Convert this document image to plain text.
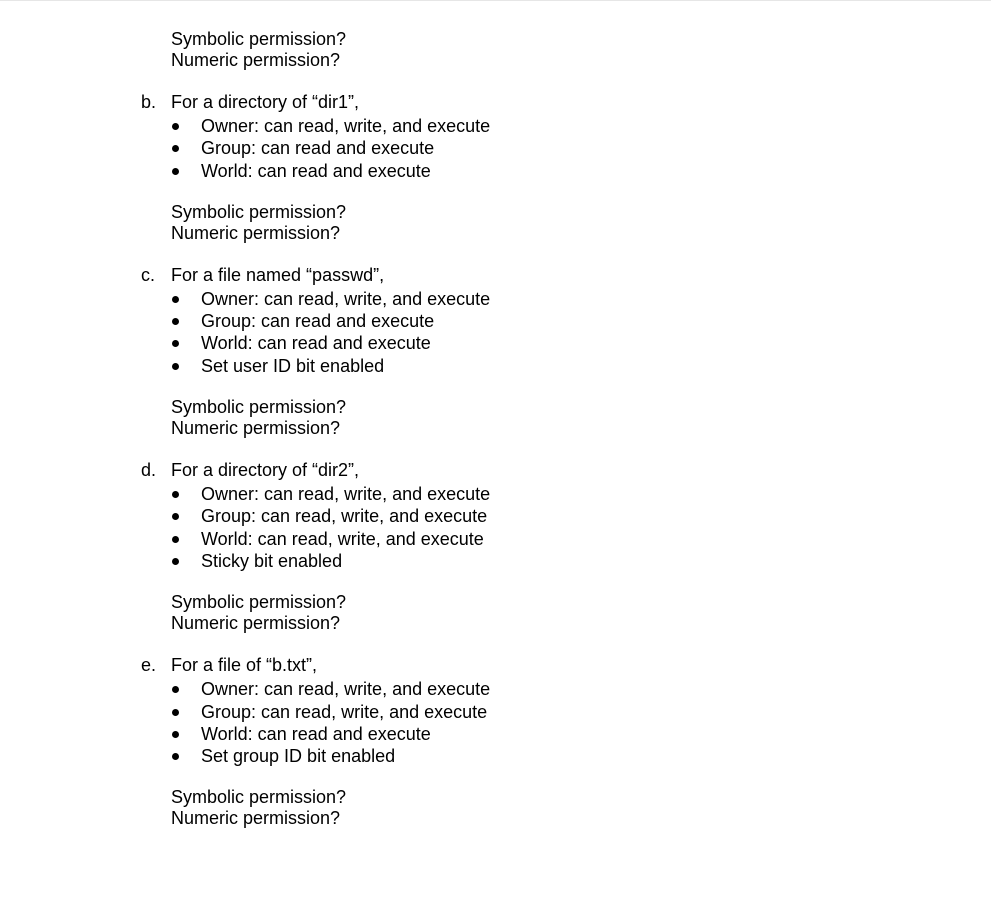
Symbolic permission?
Numeric permission?
b. For a directory of “dir1”,
Owner: can read, write, and execute
Group: can read and execute
World: can read and execute
Symbolic permission?
Numeric permission?
c. For a file named “passwd”,
Owner: can read, write, and execute
Group: can read and execute
World: can read and execute
Set user ID bit enabled
Symbolic permission?
Numeric permission?
d. For a directory of “dir2”,
Owner: can read, write, and execute
Group: can read, write, and execute
World: can read, write, and execute
Sticky bit enabled
Symbolic permission?
Numeric permission?
e. For a file of “b.txt”,
Owner: can read, write, and execute
Group: can read, write, and execute
World: can read and execute
Set group ID bit enabled
Symbolic permission?
Numeric permission?
